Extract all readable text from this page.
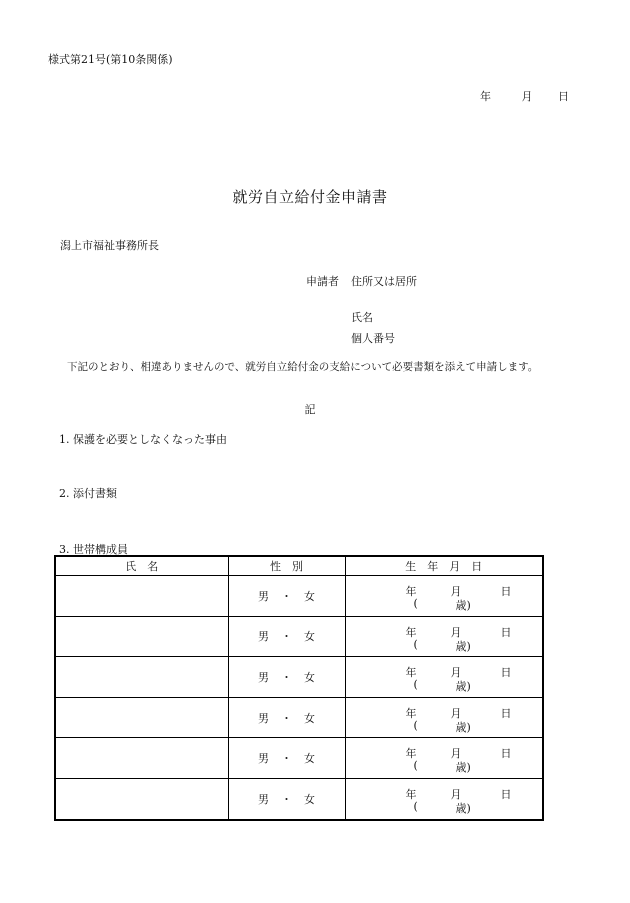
様式第21号(第10条関係)
年	月 日
就労自立給付金申請書
潟上市福祉事務所長
申請者 住所又は居所
氏名
個人番号
下記のとおり、相違ありませんので、就労自立給付金の支給について必要書類を添えて申請します。
記
1. 保護を必要としなくなった事由
2. 添付書類
3. 世帯構成員
氏　名	性　別	生　年　月　日
	男 ・ 女	年 月 日
( 歳)

	男 ・ 女	年 月 日
( 歳)

	男 ・ 女	年 月 日
( 歳)

	男 ・ 女	年 月 日
( 歳)

	男 ・ 女	年 月 日
( 歳)

	男 ・ 女	年 月 日
( 歳)
